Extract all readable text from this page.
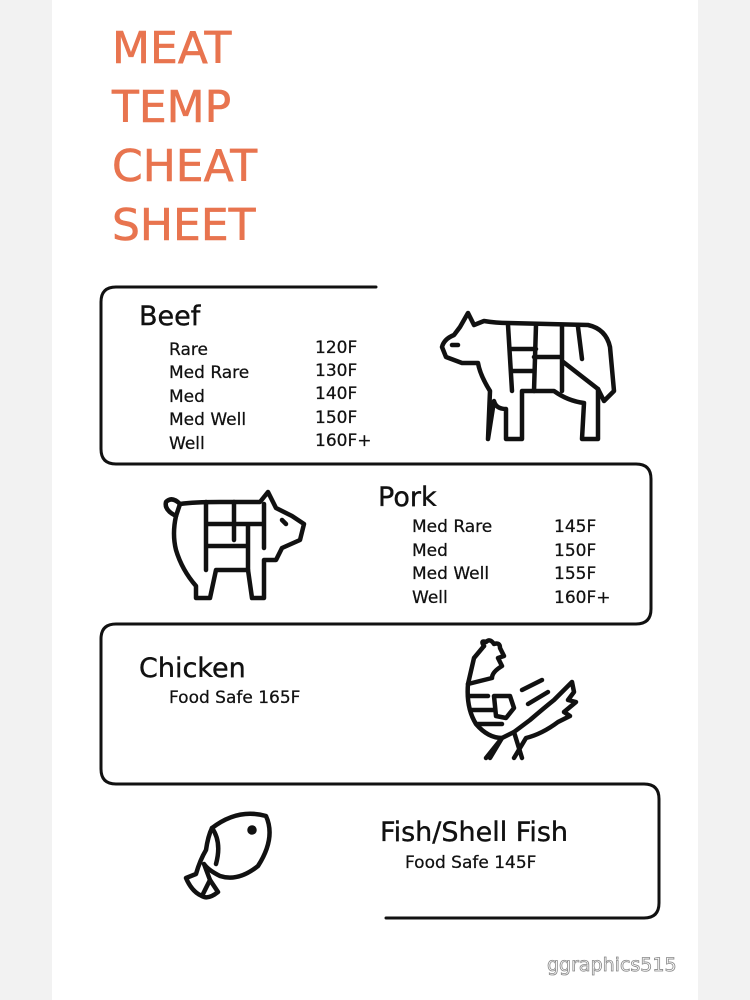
MEAT
TEMP
CHEAT
SHEET
Beef
Rare	120F
Med Rare	130F
Med	140F
Med Well	150F
Well	160F+
Pork
Med Rare	145F
Med	150F
Med Well	155F
Well	160F+
Chicken
Food Safe 165F
Fish/Shell Fish
Food Safe 145F
ggraphics515
